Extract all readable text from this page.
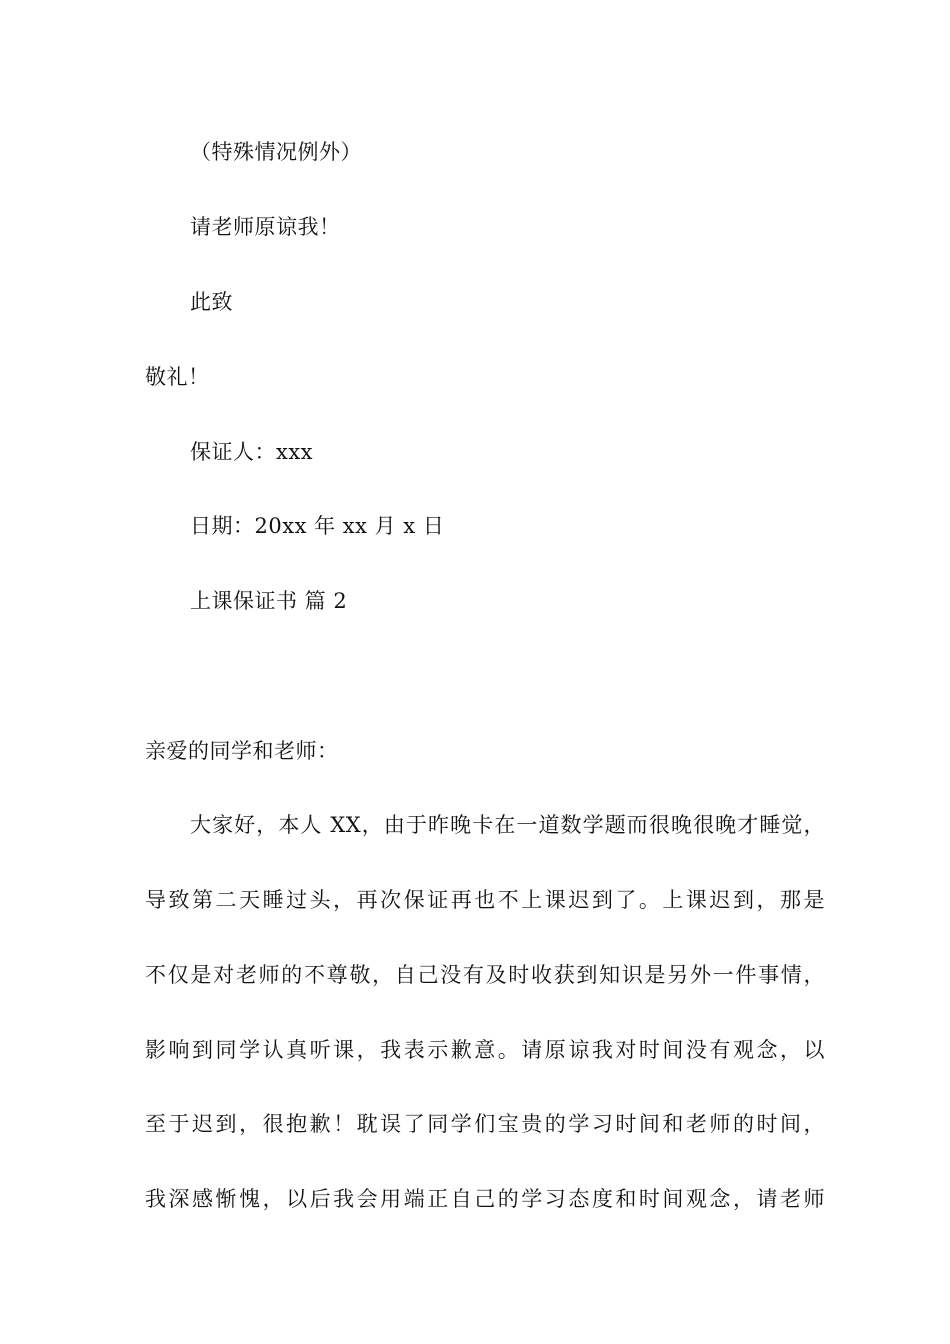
（特殊情况例外）
请老师原谅我！
此致
敬礼！
保证人：xxx
日期：20xx 年 xx 月 x 日
上课保证书 篇 2
亲爱的同学和老师：
大家好，本人 XX，由于昨晚卡在一道数学题而很晚很晚才睡觉，
导致第二天睡过头，再次保证再也不上课迟到了。上课迟到，那是
不仅是对老师的不尊敬，自己没有及时收获到知识是另外一件事情，
影响到同学认真听课，我表示歉意。请原谅我对时间没有观念，以
至于迟到，很抱歉！耽误了同学们宝贵的学习时间和老师的时间，
我深感惭愧，以后我会用端正自己的学习态度和时间观念，请老师
